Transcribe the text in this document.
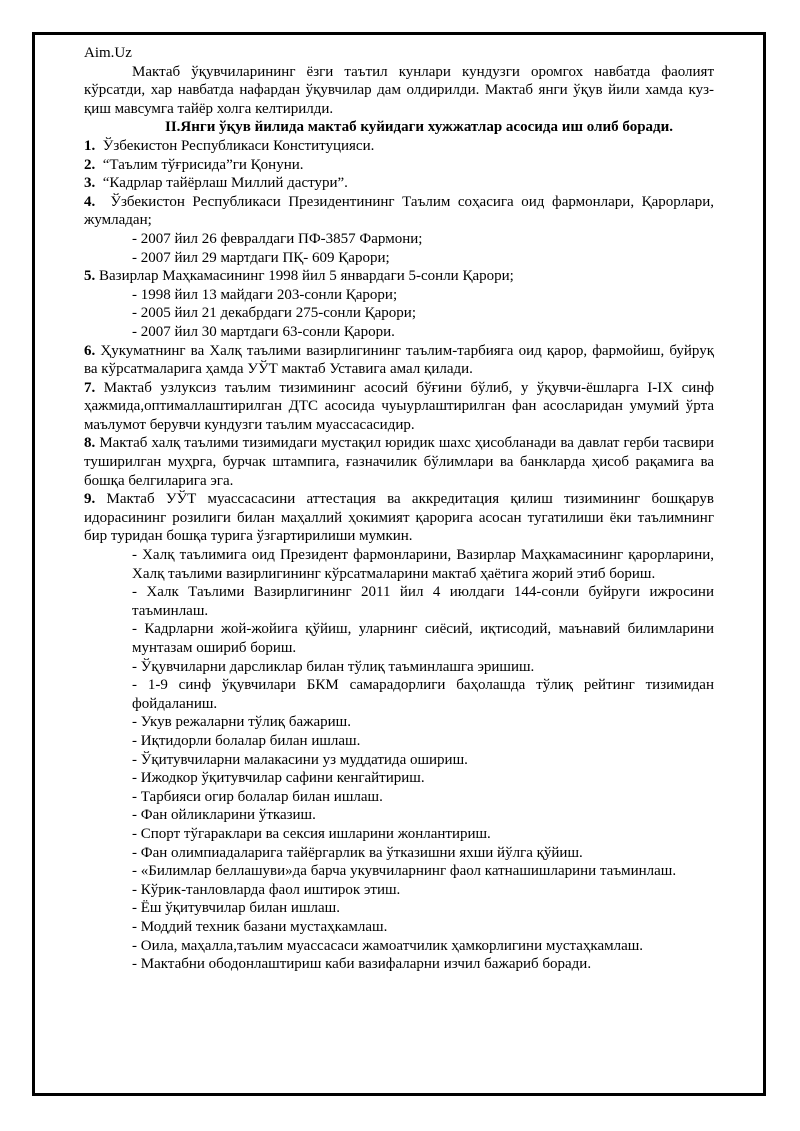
Aim.Uz

Мактаб ўқувчиларининг ёзги таътил кунлари кундузги оромгох навбатда фаолият кўрсатди, хар навбатда нафардан ўқувчилар дам олдирилди. Мактаб янги ўқув йили хамда куз-қиш мавсумга тайёр холга келтирилди.

II.Янги ўқув йилида мактаб куйидаги хужжатлар асосида иш олиб боради.

1. Ўзбекистон Республикаси Конституцияси.

2. “Таълим тўғрисида”ги Қонуни.

3. “Кадрлар тайёрлаш Миллий дастури”.

4. Ўзбекистон Республикаси Президентининг Таълим соҳасига оид фармонлари, Қарорлари, жумладан;

- 2007 йил 26 февралдаги ПФ-3857 Фармони;

- 2007 йил 29 мартдаги ПҚ- 609 Қарори;

5. Вазирлар Маҳкамасининг 1998 йил 5 январдаги 5-сонли Қарори;

- 1998 йил 13 майдаги 203-сонли Қарори;

- 2005 йил 21 декабрдаги 275-сонли Қарори;

- 2007 йил 30 мартдаги 63-сонли Қарори.

6. Ҳукуматнинг ва Халқ таълими вазирлигининг таълим-тарбияга оид қарор, фармойиш, буйруқ ва кўрсатмаларига ҳамда УЎТ мактаб Уставига амал қилади.

7. Мактаб узлуксиз таълим тизимининг асосий бўғини бўлиб, у ўқувчи-ёшларга I-IX синф ҳажмида,оптималлаштирилган ДТС асосида чуыурлаштирилган фан асосларидан умумий ўрта маълумот берувчи кундузги таълим муассасасидир.

8. Мактаб халқ таълими тизимидаги мустақил юридик шахс ҳисобланади ва давлат герби тасвири туширилган муҳрга, бурчак штампига, ғазначилик бўлимлари ва банкларда ҳисоб рақамига ва бошқа белгиларига эга.

9. Мактаб УЎТ муассасасини аттестация ва аккредитация қилиш тизимининг бошқарув идорасининг розилиги билан маҳаллий ҳокимият қарорига асосан тугатилиши ёки таълимнинг бир туридан бошқа турига ўзгартирилиши мумкин.

- Халқ таълимига оид Президент фармонларини, Вазирлар Маҳкамасининг қарорларини, Халқ таълими вазирлигининг кўрсатмаларини мактаб ҳаётига жорий этиб бориш.

- Халк Таълими Вазирлигининг 2011 йил 4 июлдаги 144-сонли буйруги ижросини таъминлаш.

- Кадрларни жой-жойига қўйиш, уларнинг сиёсий, иқтисодий, маънавий билимларини мунтазам ошириб бориш.

- Ўқувчиларни дарсликлар билан тўлиқ таъминлашга эришиш.

- 1-9 синф ўқувчилари БКМ самарадорлиги баҳолашда тўлиқ рейтинг тизимидан фойдаланиш.

- Укув режаларни тўлиқ бажариш.

- Иқтидорли болалар билан ишлаш.

- Ўқитувчиларни малакасини уз муддатида ошириш.

- Ижодкор ўқитувчилар сафини кенгайтириш.

- Тарбияси огир болалар билан ишлаш.

- Фан ойликларини ўтказиш.

- Спорт тўгараклари ва сексия ишларини жонлантириш.

- Фан олимпиадаларига тайёргарлик ва ўтказишни яхши йўлга қўйиш.

- «Билимлар беллашуви»да барча укувчиларнинг фаол катнашишларини таъминлаш.

- Кўрик-танловларда фаол иштирок этиш.

- Ёш ўқитувчилар билан ишлаш.

- Моддий техник базани мустаҳкамлаш.

- Оила, маҳалла,таълим муассасаси жамоатчилик ҳамкорлигини мустаҳкамлаш.

- Мактабни ободонлаштириш каби вазифаларни изчил бажариб боради.
